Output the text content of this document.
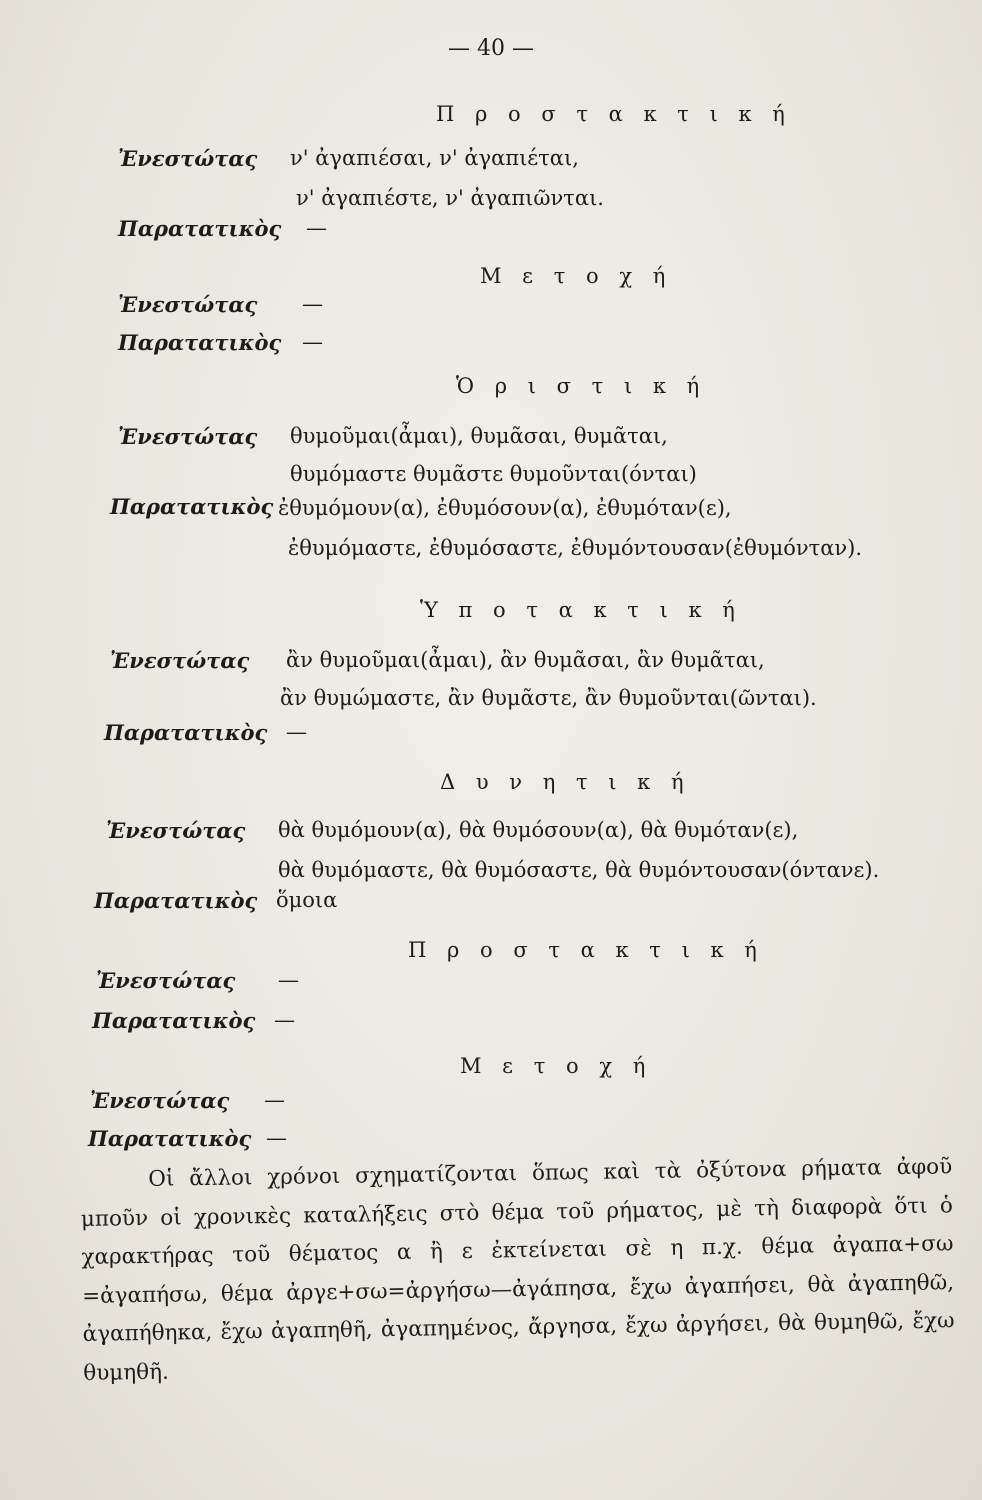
— 40 —
Π ρ ο σ τ α κ τ ι κ ή
Ἐνεστώτας ν' ἀγαπιέσαι, ν' ἀγαπιέται,
ν' ἀγαπιέστε, ν' ἀγαπιῶνται.
Παρατατικὸς —
Μ ε τ ο χ ή
Ἐνεστώτας —
Παρατατικὸς —
Ὁ ρ ι σ τ ι κ ή
Ἐνεστώτας θυμοῦμαι(ἆμαι), θυμᾶσαι, θυμᾶται,
θυμόμαστε θυμᾶστε θυμοῦνται(όνται)
Παρατατικὸς ἐθυμόμουν(α), ἐθυμόσουν(α), ἐθυμόταν(ε),
ἐθυμόμαστε, ἐθυμόσαστε, ἐθυμόντουσαν(ἐθυμόνταν).
Ὑ π ο τ α κ τ ι κ ή
Ἐνεστώτας ἂν θυμοῦμαι(ἆμαι), ἂν θυμᾶσαι, ἂν θυμᾶται,
ἂν θυμώμαστε, ἂν θυμᾶστε, ἂν θυμοῦνται(ῶνται).
Παρατατικὸς —
Δ υ ν η τ ι κ ή
Ἐνεστώτας θὰ θυμόμουν(α), θὰ θυμόσουν(α), θὰ θυμόταν(ε),
θὰ θυμόμαστε, θὰ θυμόσαστε, θὰ θυμόντουσαν(όντανε).
Παρατατικὸς ὅμοια
Π ρ ο σ τ α κ τ ι κ ή
Ἐνεστώτας —
Παρατατικὸς —
Μ ε τ ο χ ή
Ἐνεστώτας —
Παρατατικὸς —

Οἱ ἄλλοι χρόνοι σχηματίζονται ὅπως καὶ τὰ ὀξύτονα ρήματα ἀφοῦ μποῦν οἱ χρονικὲς καταλήξεις στὸ θέμα τοῦ ρήματος, μὲ τὴ διαφορὰ ὅτι ὁ χαρακτήρας τοῦ θέματος α ἢ ε ἐκτείνεται σὲ η π.χ. θέμα ἀγαπα+σω =ἀγαπήσω, θέμα ἀργε+σω=ἀργήσω—ἀγάπησα, ἔχω ἀγαπήσει, θὰ ἀγαπηθῶ, ἀγαπήθηκα, ἔχω ἀγαπηθῆ, ἀγαπημένος, ἄργησα, ἔχω ἀργήσει, θὰ θυμηθῶ, ἔχω θυμηθῆ.
